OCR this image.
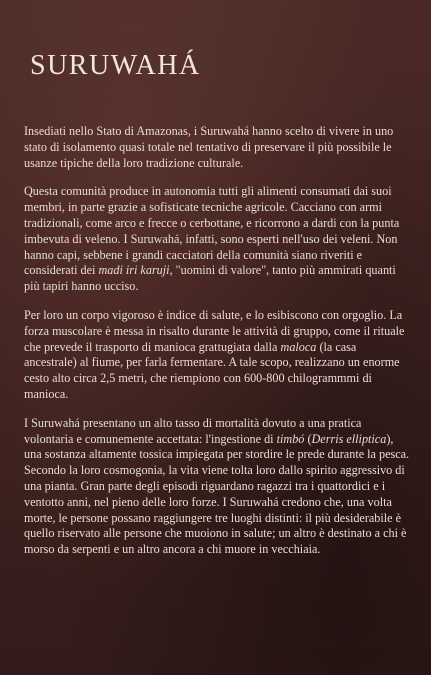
SURUWAHÁ

Insediati nello Stato di Amazonas, i Suruwahá hanno scelto di vivere in uno stato di isolamento quasi totale nel tentativo di preservare il più possibile le usanze tipiche della loro tradizione culturale.

Questa comunità produce in autonomia tutti gli alimenti consumati dai suoi membri, in parte grazie a sofisticate tecniche agricole. Cacciano con armi tradizionali, come arco e frecce o cerbottane, e ricorrono a dardi con la punta imbevuta di veleno. I Suruwahá, infatti, sono esperti nell'uso dei veleni. Non hanno capi, sebbene i grandi cacciatori della comunità siano riveriti e considerati dei madi iri karuji, "uomini di valore", tanto più ammirati quanti più tapiri hanno ucciso.

Per loro un corpo vigoroso è indice di salute, e lo esibiscono con orgoglio. La forza muscolare è messa in risalto durante le attività di gruppo, come il rituale che prevede il trasporto di manioca grattugiata dalla maloca (la casa ancestrale) al fiume, per farla fermentare. A tale scopo, realizzano un enorme cesto alto circa 2,5 metri, che riempiono con 600-800 chilogrammmi di manioca.

I Suruwahá presentano un alto tasso di mortalità dovuto a una pratica volontaria e comunemente accettata: l'ingestione di timbó (Derris elliptica), una sostanza altamente tossica impiegata per stordire le prede durante la pesca. Secondo la loro cosmogonia, la vita viene tolta loro dallo spirito aggressivo di una pianta. Gran parte degli episodi riguardano ragazzi tra i quattordici e i ventotto anni, nel pieno delle loro forze. I Suruwahá credono che, una volta morte, le persone possano raggiungere tre luoghi distinti: il più desiderabile è quello riservato alle persone che muoiono in salute; un altro è destinato a chi è morso da serpenti e un altro ancora a chi muore in vecchiaia.
